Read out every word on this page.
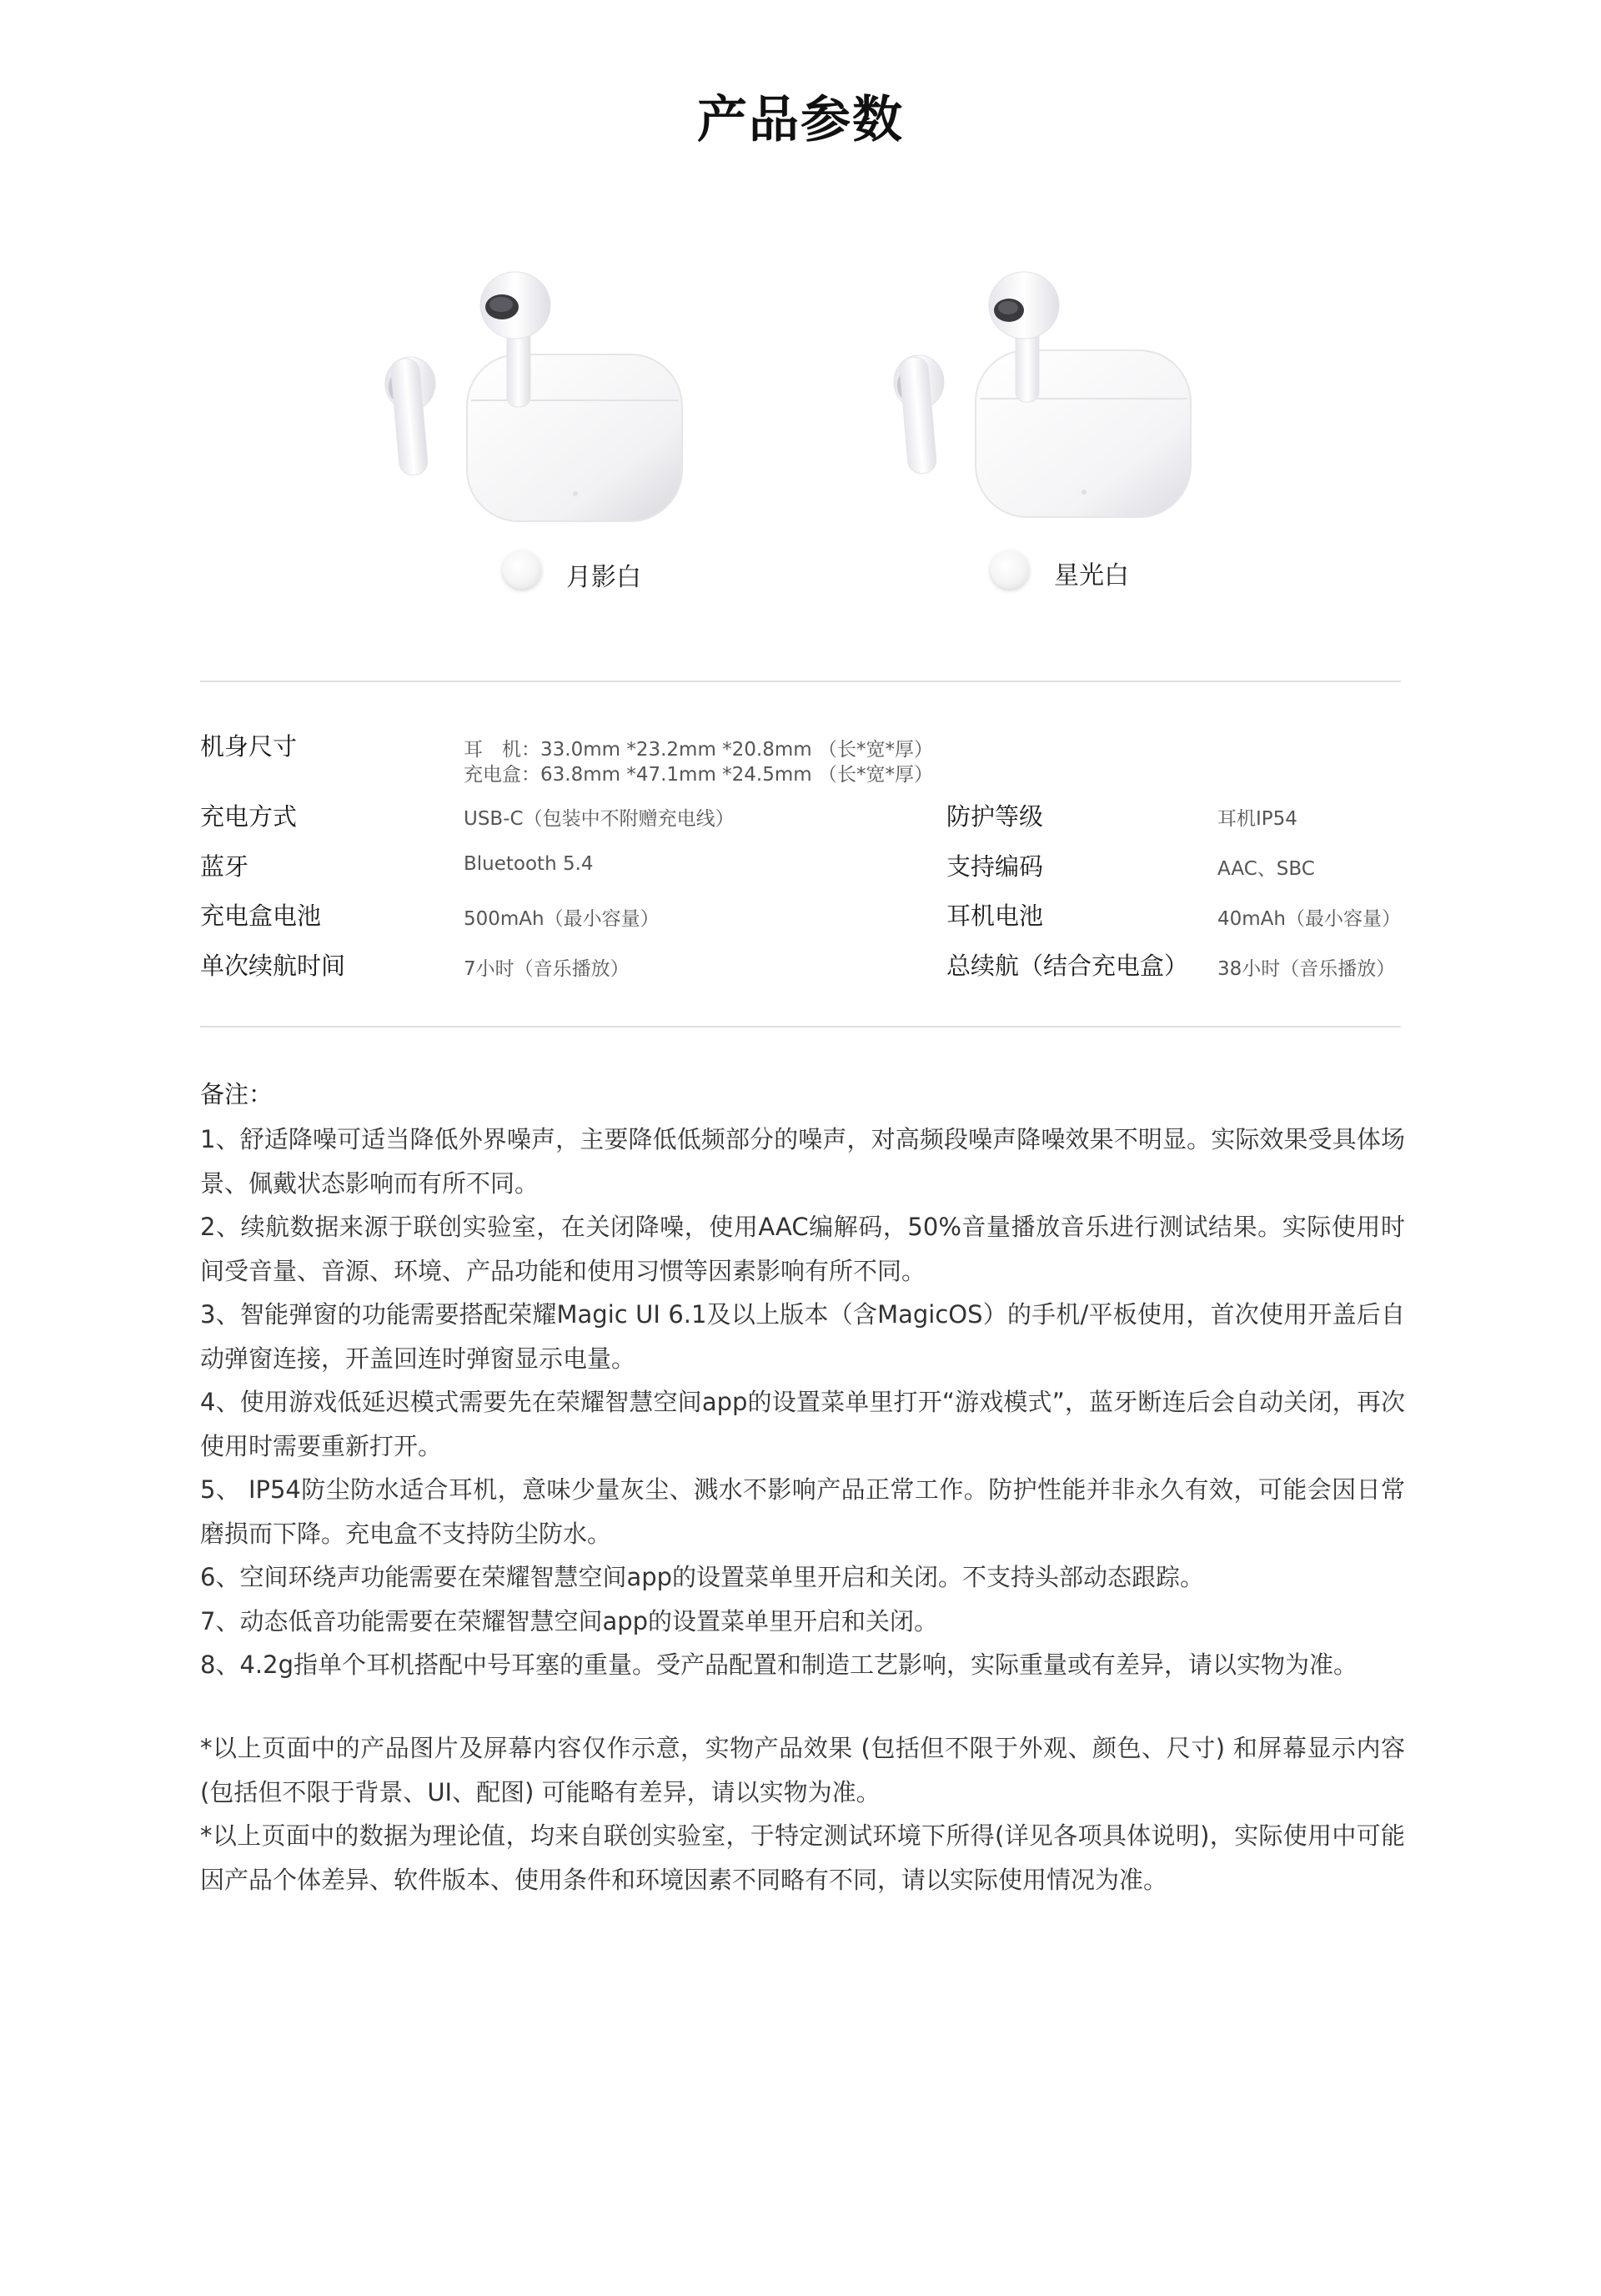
产品参数
月影白	星光白
机身尺寸	耳　机：33.0mm *23.2mm *20.8mm （长*宽*厚）
充电盒：63.8mm *47.1mm *24.5mm （长*宽*厚）
充电方式	USB-C（包装中不附赠充电线）	防护等级	耳机IP54
蓝牙	Bluetooth 5.4	支持编码	AAC、SBC
充电盒电池	500mAh（最小容量）	耳机电池	40mAh（最小容量）
单次续航时间	7小时（音乐播放）	总续航（结合充电盒） 38小时（音乐播放）
备注：

1、舒适降噪可适当降低外界噪声，主要降低低频部分的噪声，对高频段噪声降噪效果不明显。实际效果受具体场景、佩戴状态影响而有所不同。

2、续航数据来源于联创实验室，在关闭降噪，使用AAC编解码，50%音量播放音乐进行测试结果。实际使用时间受音量、音源、环境、产品功能和使用习惯等因素影响有所不同。

3、智能弹窗的功能需要搭配荣耀Magic UI 6.1及以上版本（含MagicOS）的手机/平板使用，首次使用开盖后自动弹窗连接，开盖回连时弹窗显示电量。

4、使用游戏低延迟模式需要先在荣耀智慧空间app的设置菜单里打开“游戏模式”，蓝牙断连后会自动关闭，再次使用时需要重新打开。

5、 IP54防尘防水适合耳机，意味少量灰尘、溅水不影响产品正常工作。防护性能并非永久有效，可能会因日常磨损而下降。充电盒不支持防尘防水。

6、空间环绕声功能需要在荣耀智慧空间app的设置菜单里开启和关闭。不支持头部动态跟踪。

7、动态低音功能需要在荣耀智慧空间app的设置菜单里开启和关闭。

8、4.2g指单个耳机搭配中号耳塞的重量。受产品配置和制造工艺影响，实际重量或有差异，请以实物为准。

*以上页面中的产品图片及屏幕内容仅作示意，实物产品效果 (包括但不限于外观、颜色、尺寸) 和屏幕显示内容(包括但不限于背景、UI、配图) 可能略有差异，请以实物为准。

*以上页面中的数据为理论值，均来自联创实验室，于特定测试环境下所得(详见各项具体说明)，实际使用中可能因产品个体差异、软件版本、使用条件和环境因素不同略有不同，请以实际使用情况为准。
